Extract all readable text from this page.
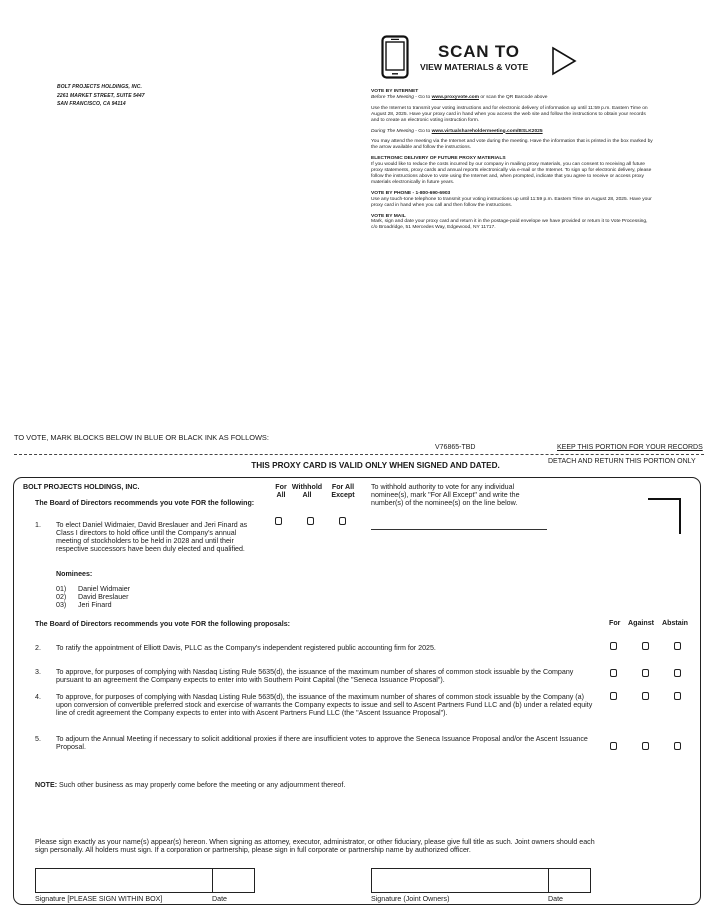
BOLT PROJECTS HOLDINGS, INC.
2261 MARKET STREET, SUITE 5447
SAN FRANCISCO, CA 94114
SCAN TO
VIEW MATERIALS & VOTE
VOTE BY INTERNET
Before The Meeting - Go to www.proxyvote.com or scan the QR Barcode above
Use the Internet to transmit your voting instructions and for electronic delivery of information up until 11:59 p.m. Eastern Time on August 28, 2025. Have your proxy card in hand when you access the web site and follow the instructions to obtain your records and to create an electronic voting instruction form.
During The Meeting - Go to www.virtualshareholdermeeting.com/BSLK2025
You may attend the meeting via the Internet and vote during the meeting. Have the information that is printed in the box marked by the arrow available and follow the instructions.
ELECTRONIC DELIVERY OF FUTURE PROXY MATERIALS
If you would like to reduce the costs incurred by our company in mailing proxy materials, you can consent to receiving all future proxy statements, proxy cards and annual reports electronically via e-mail or the Internet. To sign up for electronic delivery, please follow the instructions above to vote using the Internet and, when prompted, indicate that you agree to receive or access proxy materials electronically in future years.
VOTE BY PHONE - 1-800-690-6903
Use any touch-tone telephone to transmit your voting instructions up until 11:59 p.m. Eastern Time on August 28, 2025. Have your proxy card in hand when you call and then follow the instructions.
VOTE BY MAIL
Mark, sign and date your proxy card and return it in the postage-paid envelope we have provided or return it to Vote Processing, c/o Broadridge, 51 Mercedes Way, Edgewood, NY 11717.
TO VOTE, MARK BLOCKS BELOW IN BLUE OR BLACK INK AS FOLLOWS:
V76865-TBD	KEEP THIS PORTION FOR YOUR RECORDS
THIS PROXY CARD IS VALID ONLY WHEN SIGNED AND DATED.	DETACH AND RETURN THIS PORTION ONLY
BOLT PROJECTS HOLDINGS, INC.
The Board of Directors recommends you vote FOR the following:
For
All
Withhold
All
For All
Except
To withhold authority to vote for any individual nominee(s), mark "For All Except" and write the number(s) of the nominee(s) on the line below.
1. To elect Daniel Widmaier, David Breslauer and Jeri Finard as Class I directors to hold office until the Company's annual meeting of stockholders to be held in 2028 and until their respective successors have been duly elected and qualified.
Nominees:
01) Daniel Widmaier
02) David Breslauer
03) Jeri Finard
The Board of Directors recommends you vote FOR the following proposals:	For Against Abstain
2. To ratify the appointment of Elliott Davis, PLLC as the Company's independent registered public accounting firm for 2025.
3. To approve, for purposes of complying with Nasdaq Listing Rule 5635(d), the issuance of the maximum number of shares of common stock issuable by the Company pursuant to an agreement the Company expects to enter into with Southern Point Capital (the "Seneca Issuance Proposal").
4. To approve, for purposes of complying with Nasdaq Listing Rule 5635(d), the issuance of the maximum number of shares of common stock issuable by the Company (a) upon conversion of convertible preferred stock and exercise of warrants the Company expects to issue and sell to Ascent Partners Fund LLC and (b) under a related equity line of credit agreement the Company expects to enter into with Ascent Partners Fund LLC (the "Ascent Issuance Proposal").
5. To adjourn the Annual Meeting if necessary to solicit additional proxies if there are insufficient votes to approve the Seneca Issuance Proposal and/or the Ascent Issuance Proposal.
NOTE: Such other business as may properly come before the meeting or any adjournment thereof.
Please sign exactly as your name(s) appear(s) hereon. When signing as attorney, executor, administrator, or other fiduciary, please give full title as such. Joint owners should each sign personally. All holders must sign. If a corporation or partnership, please sign in full corporate or partnership name by authorized officer.
Signature [PLEASE SIGN WITHIN BOX]	Date	Signature (Joint Owners)	Date
